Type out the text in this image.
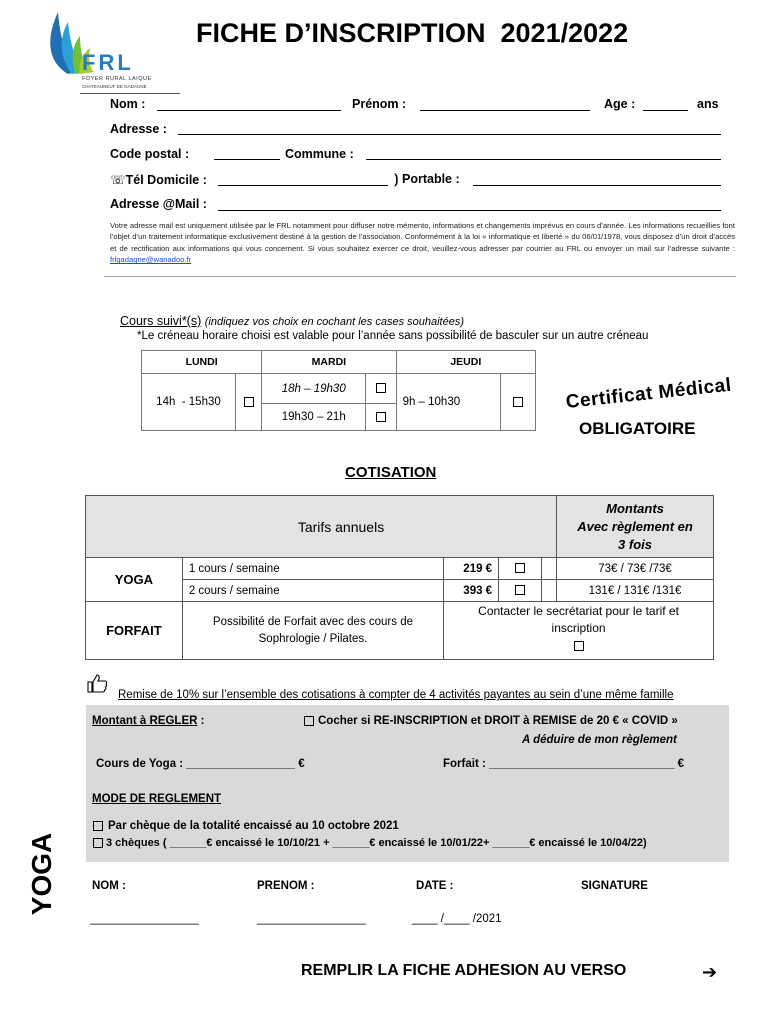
FRL
FOYER RURAL LAIQUE
CHATEAUNEUF DE GADAGNE
FICHE D’INSCRIPTION  2021/2022
Nom :	Prénom :	Age :	ans
Adresse :
Code postal :	Commune :
☏Tél Domicile :	⟯ Portable :
Adresse @Mail :
Votre adresse mail est uniquement utilisée par le FRL notamment pour diffuser notre mémento, informations et changements imprévus en cours d’année. Les informations recueillies font l’objet d’un traitement informatique exclusivement destiné à la gestion de l’association. Conformément à la loi « informatique et liberté » du 06/01/1978, vous disposez d’un droit d’accès et de rectification aux informations qui vous concernent. Si vous souhaitez exercer ce droit, veuillez-vous adresser par courrier au FRL ou envoyer un mail sur l’adresse suivante : frlgadagne@wanadoo.fr
Cours suivi*(s) (indiquez vos choix en cochant les cases souhaitées)
*Le créneau horaire choisi est valable pour l’année sans possibilité de basculer sur un autre créneau
LUNDI		MARDI		JEUDI	
14h  - 15h30		18h – 19h30		9h – 10h30	
		19h30 – 21h			
Certificat Médical
OBLIGATOIRE
COTISATION
Tarifs annuels					Montants
Avec règlement en
3 fois
YOGA	1 cours / semaine	219 €			73€ / 73€ /73€
	2 cours / semaine	393 €			131€ / 131€ /131€
FORFAIT	Possibilité de Forfait avec des cours de Sophrologie / Pilates.	Contacter le secrétariat pour le tarif et inscription			

Remise de 10% sur l’ensemble des cotisations à compter de 4 activités payantes au sein d’une même famille
Montant à REGLER :	Cocher si RE-INSCRIPTION et DROIT à REMISE de 20 € « COVID »
A déduire de mon règlement
Cours de Yoga : _________________ €	Forfait : _____________________________ €
MODE DE REGLEMENT
Par chèque de la totalité encaissé au 10 octobre 2021
3 chèques ( ______€ encaissé le 10/10/21 + ______€ encaissé le 10/01/22+ ______€ encaissé le 10/04/22)
YOGA	NOM :	PRENOM :	DATE :	SIGNATURE
_________________	_________________	____ /____ /2021
REMPLIR LA FICHE ADHESION AU VERSO	➔
